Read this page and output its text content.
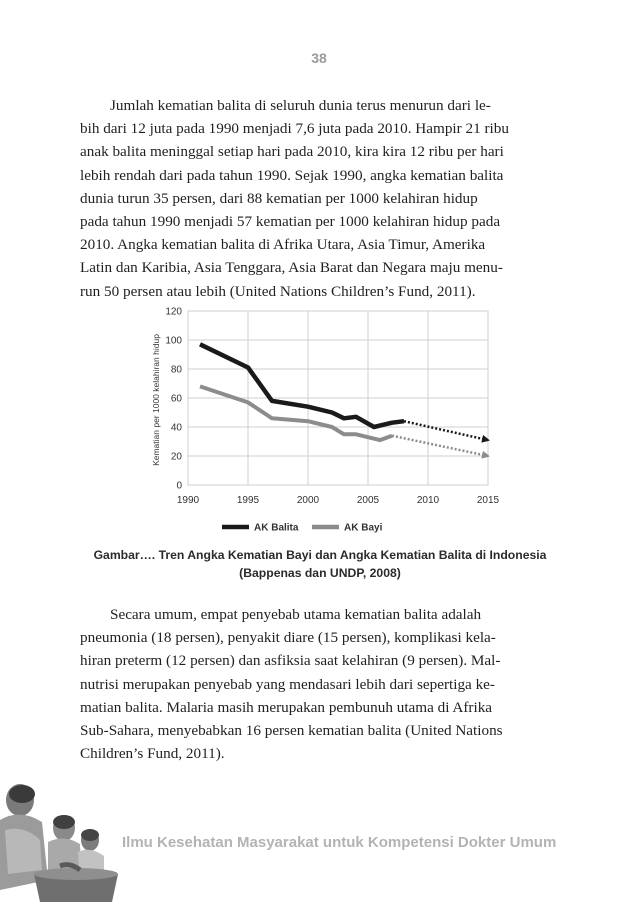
38

Jumlah kematian balita di seluruh dunia terus menurun dari le-
bih dari 12 juta pada 1990 menjadi 7,6 juta pada 2010. Hampir 21 ribu
anak balita meninggal setiap hari pada 2010, kira kira 12 ribu per hari
lebih rendah dari pada tahun 1990. Sejak 1990, angka kematian balita
dunia turun 35 persen, dari 88 kematian per 1000 kelahiran hidup
pada tahun 1990 menjadi 57 kematian per 1000 kelahiran hidup pada
2010. Angka kematian balita di Afrika Utara, Asia Timur, Amerika
Latin dan Karibia, Asia Tenggara, Asia Barat dan Negara maju menu-
run 50 persen atau lebih (United Nations Children’s Fund, 2011).

0
20
40
60
80
100
120
1990	1995	2000	2005	2010	2015
Kematian per 1000 kelahiran hidup
AK Balita	AK Bayi

Gambar…. Tren Angka Kematian Bayi dan Angka Kematian Balita di Indonesia

(Bappenas dan UNDP, 2008)

Secara umum, empat penyebab utama kematian balita adalah
pneumonia (18 persen), penyakit diare (15 persen), komplikasi kela-
hiran preterm (12 persen) dan asfiksia saat kelahiran (9 persen). Mal-
nutrisi merupakan penyebab yang mendasari lebih dari sepertiga ke-
matian balita. Malaria masih merupakan pembunuh utama di Afrika
Sub-Sahara, menyebabkan 16 persen kematian balita (United Nations
Children’s Fund, 2011).

Ilmu Kesehatan Masyarakat untuk Kompetensi Dokter Umum
